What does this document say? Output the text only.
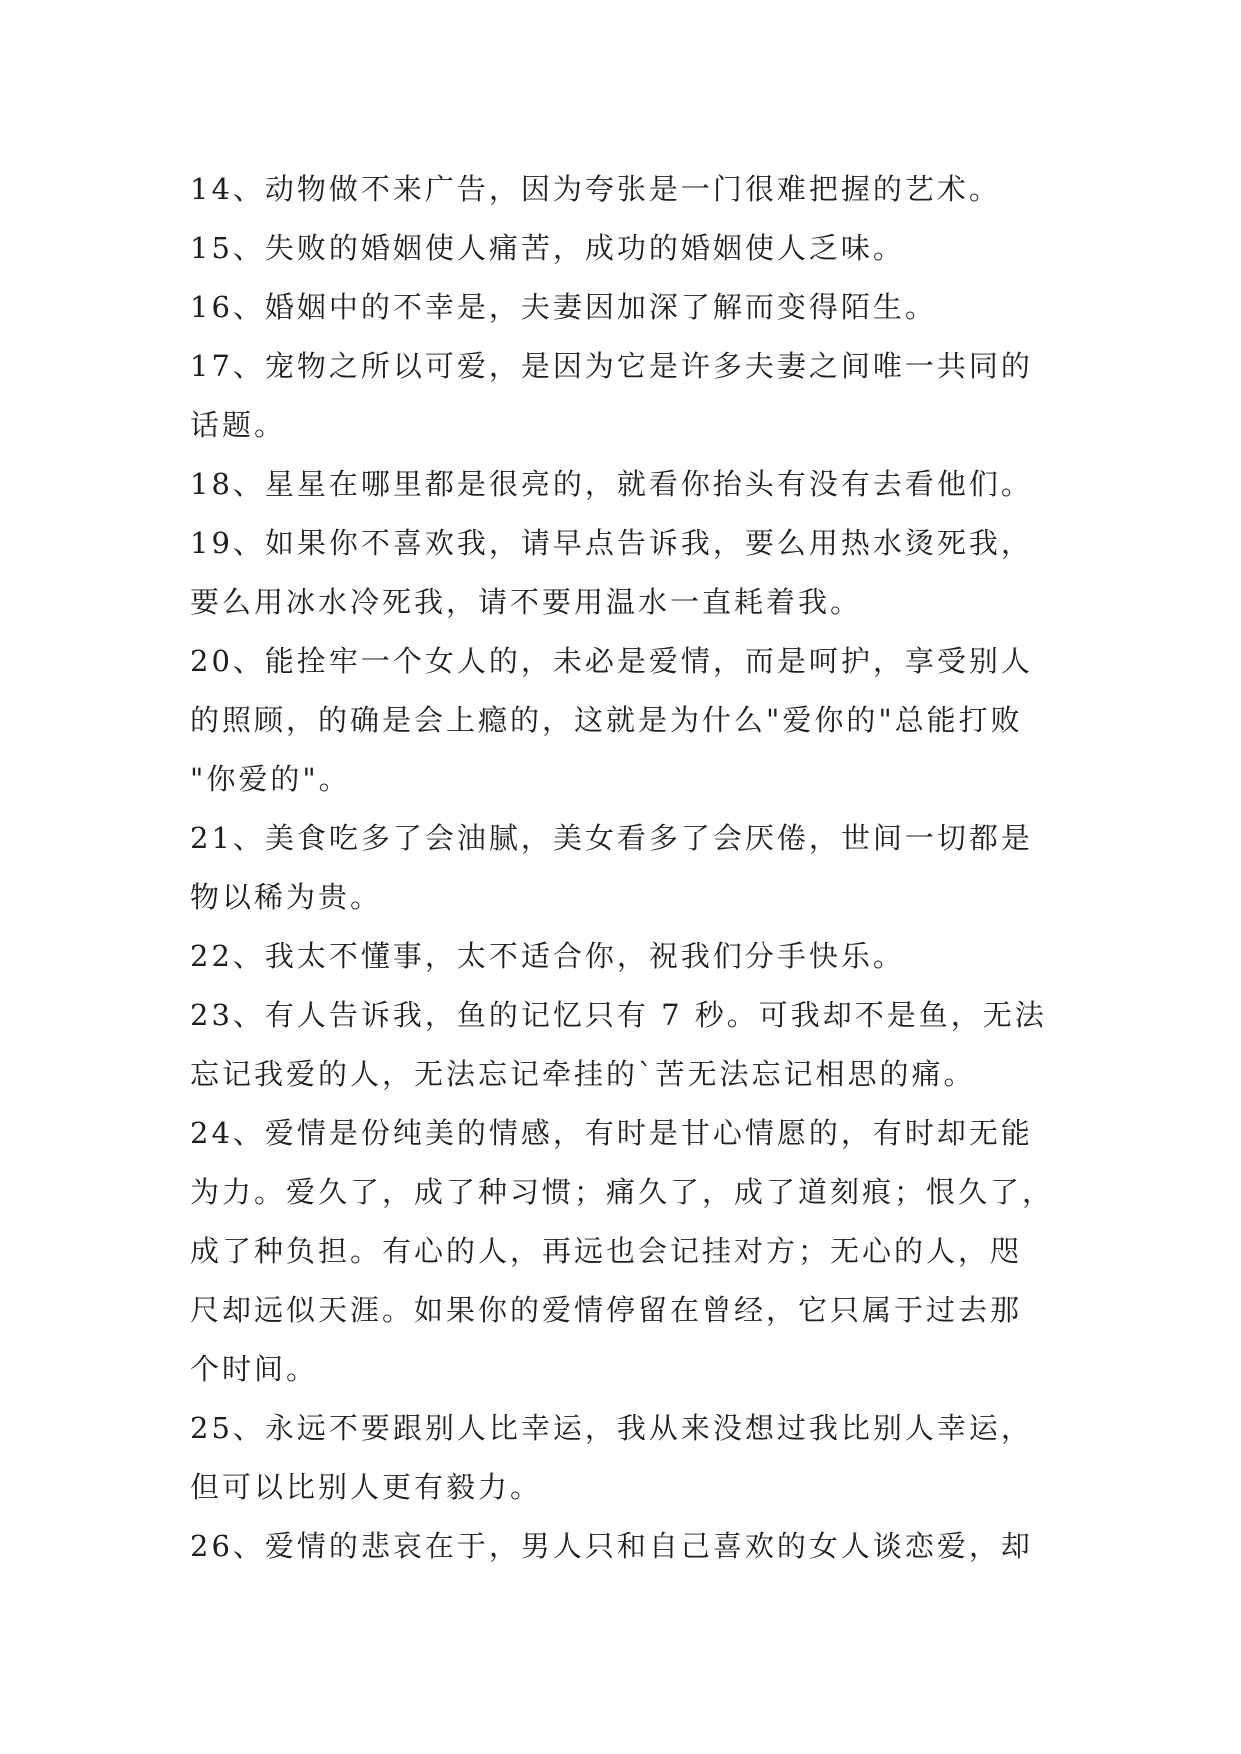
14、动物做不来广告，因为夸张是一门很难把握的艺术。
15、失败的婚姻使人痛苦，成功的婚姻使人乏味。
16、婚姻中的不幸是，夫妻因加深了解而变得陌生。
17、宠物之所以可爱，是因为它是许多夫妻之间唯一共同的
话题。
18、星星在哪里都是很亮的，就看你抬头有没有去看他们。
19、如果你不喜欢我，请早点告诉我，要么用热水烫死我，
要么用冰水冷死我，请不要用温水一直耗着我。
20、能拴牢一个女人的，未必是爱情，而是呵护，享受别人
的照顾，的确是会上瘾的，这就是为什么"爱你的"总能打败
"你爱的"。
21、美食吃多了会油腻，美女看多了会厌倦，世间一切都是
物以稀为贵。
22、我太不懂事，太不适合你，祝我们分手快乐。
23、有人告诉我，鱼的记忆只有 7 秒。可我却不是鱼，无法
忘记我爱的人，无法忘记牵挂的`苦无法忘记相思的痛。
24、爱情是份纯美的情感，有时是甘心情愿的，有时却无能
为力。爱久了，成了种习惯；痛久了，成了道刻痕；恨久了，
成了种负担。有心的人，再远也会记挂对方；无心的人，咫
尺却远似天涯。如果你的爱情停留在曾经，它只属于过去那
个时间。
25、永远不要跟别人比幸运，我从来没想过我比别人幸运，
但可以比别人更有毅力。
26、爱情的悲哀在于，男人只和自己喜欢的女人谈恋爱，却
